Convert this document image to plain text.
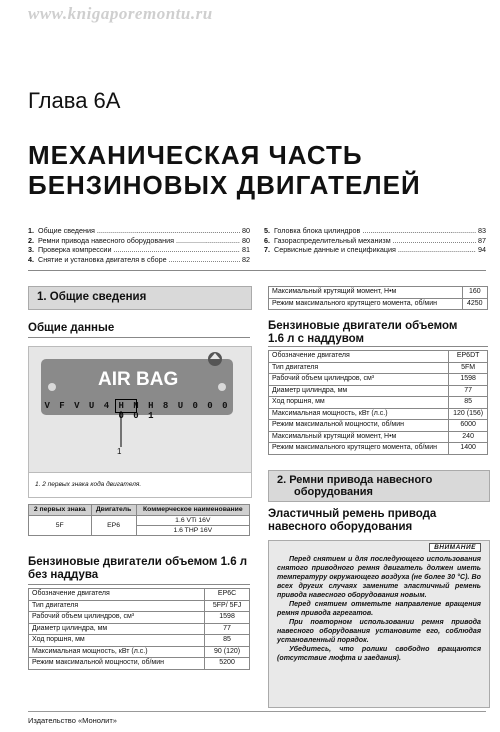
www.knigaporemontu.ru
Глава 6А
МЕХАНИЧЕСКАЯ ЧАСТЬ
БЕНЗИНОВЫХ ДВИГАТЕЛЕЙ
1. Общие сведения .....	80
2. Ремни привода навесного оборудования .....	80
3. Проверка компрессии .....	81
4. Снятие и установка двигателя в сборе .....	82
5. Головка блока цилиндров .....	83
6. Газораспределительный механизм .....	87
7. Сервисные данные и спецификация .....	94
1. Общие сведения
Общие данные
AIR BAG
V F V U 4 H N H 8 U 0 0 0 0 0 1
1
1. 2 первых знака кода двигателя.
2 первых знака	Двигатель	Коммерческое наименование
5F	EP6	1.6 VTi 16V
		1.6 THP 16V
Бензиновые двигатели объемом 1.6 л
без наддува
Обозначение двигателя	EP6C
Тип двигателя	5FP/ 5FJ
Рабочий объем цилиндров, см³	1598
Диаметр цилиндра, мм	77
Ход поршня, мм	85
Максимальная мощность, кВт (л.с.)	90 (120)
Режим максимальной мощности, об/мин	5200
Максимальный крутящий момент, Н•м	160
Режим максимального крутящего момента, об/мин	4250
Бензиновые двигатели объемом
1.6 л с наддувом
Обозначение двигателя	EP6DT
Тип двигателя	5FM
Рабочий объем цилиндров, см³	1598
Диаметр цилиндра, мм	77
Ход поршня, мм	85
Максимальная мощность, кВт (л.с.)	120 (156)
Режим максимальной мощности, об/мин	6000
Максимальный крутящий момент, Н•м	240
Режим максимального крутящего момента, об/мин	1400
2. Ремни привода навесного
оборудования
Эластичный ремень привода
навесного оборудования
ВНИМАНИЕ

Перед снятием и для последующего использования снятого приводного ремня двигатель должен иметь температуру окружающего воздуха (не более 30 °С). Во всех других случаях замените эластичный ремень привода навесного оборудования новым.

Перед снятием отметьте направление вращения ремня привода агрегатов.

При повторном использовании ремня привода навесного оборудования установите его, соблюдая установленный порядок.

Убедитесь, что ролики свободно вращаются (отсутствие люфта и заедания).

Издательство «Монолит»
